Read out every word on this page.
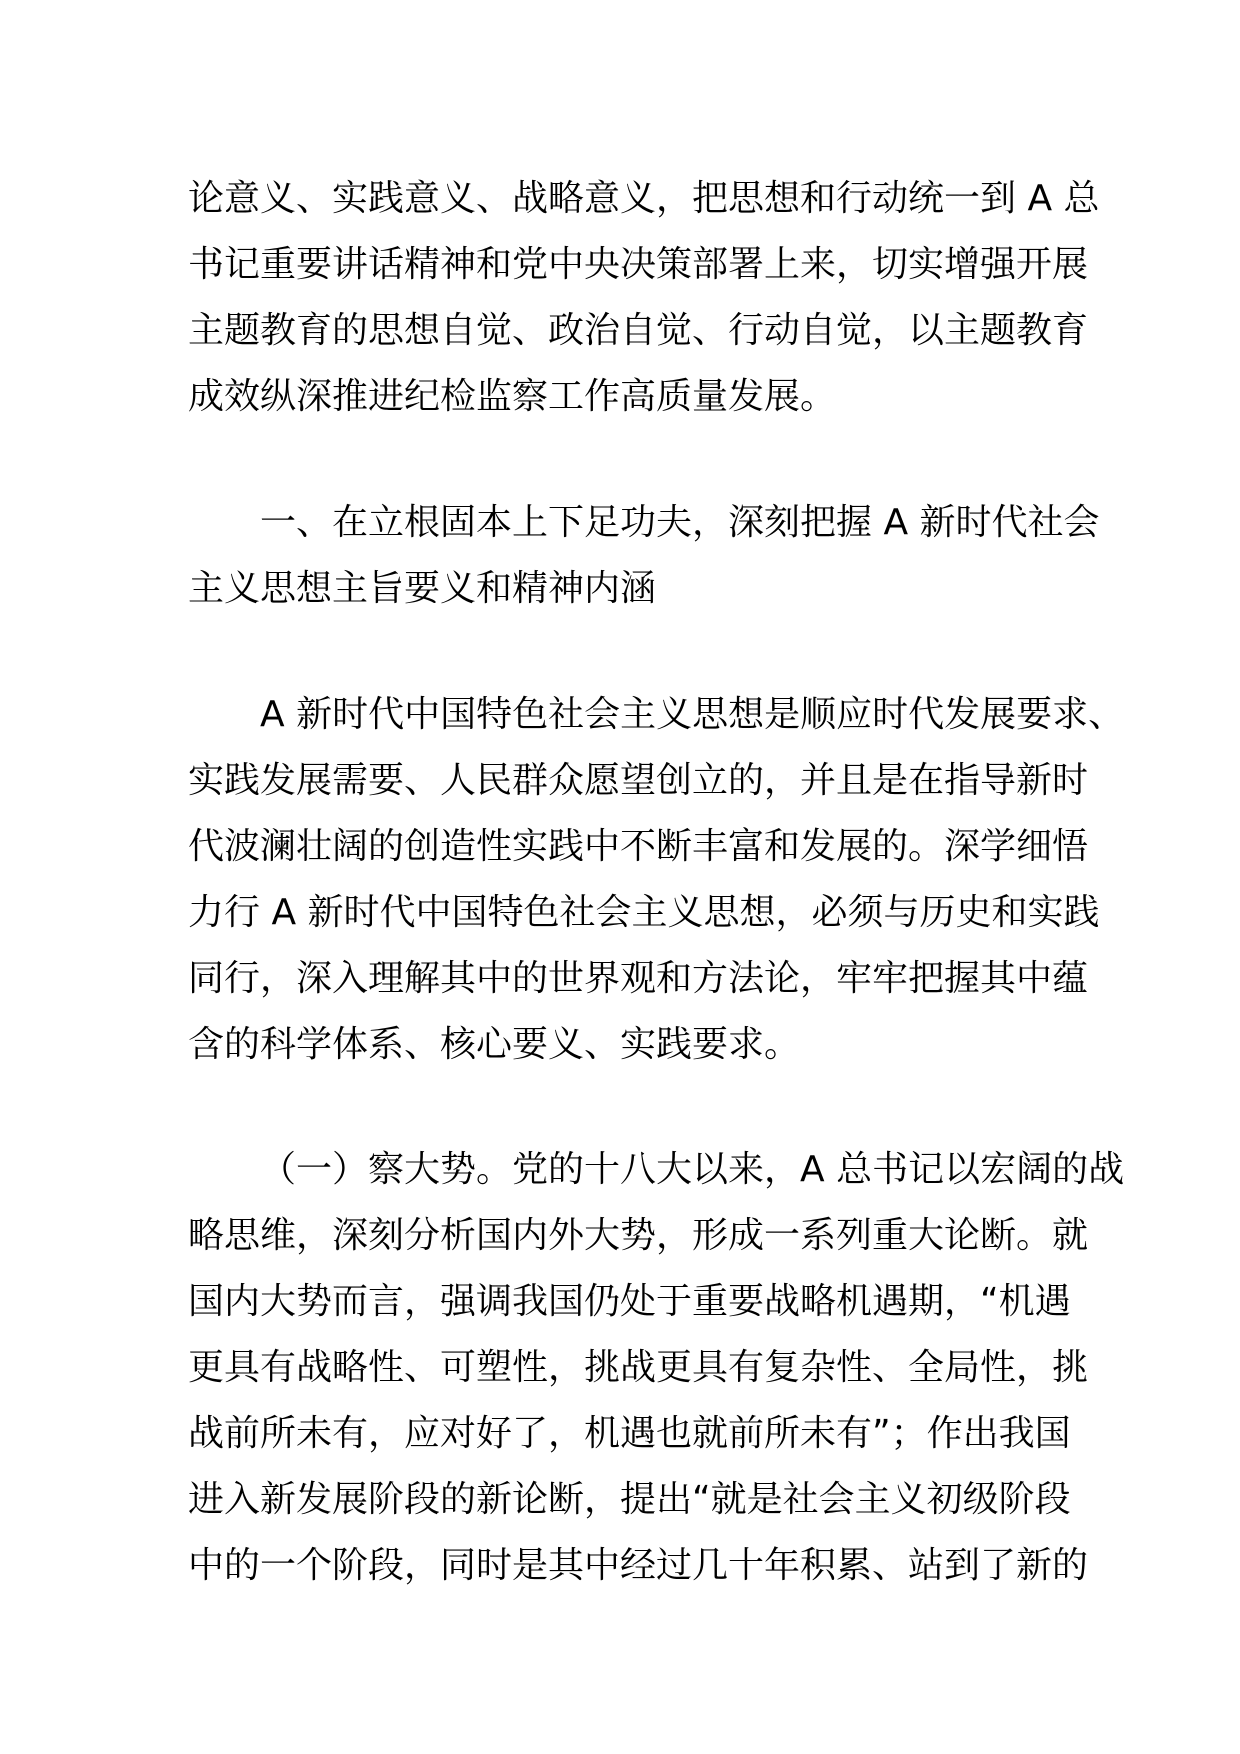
论意义、实践意义、战略意义，把思想和行动统一到 A 总
书记重要讲话精神和党中央决策部署上来，切实增强开展
主题教育的思想自觉、政治自觉、行动自觉，以主题教育
成效纵深推进纪检监察工作高质量发展。
一、在立根固本上下足功夫，深刻把握 A 新时代社会
主义思想主旨要义和精神内涵
A 新时代中国特色社会主义思想是顺应时代发展要求、
实践发展需要、人民群众愿望创立的，并且是在指导新时
代波澜壮阔的创造性实践中不断丰富和发展的。深学细悟
力行 A 新时代中国特色社会主义思想，必须与历史和实践
同行，深入理解其中的世界观和方法论，牢牢把握其中蕴
含的科学体系、核心要义、实践要求。
（一）察大势。党的十八大以来，A 总书记以宏阔的战
略思维，深刻分析国内外大势，形成一系列重大论断。就
国内大势而言，强调我国仍处于重要战略机遇期，“机遇
更具有战略性、可塑性，挑战更具有复杂性、全局性，挑
战前所未有，应对好了，机遇也就前所未有”；作出我国
进入新发展阶段的新论断，提出“就是社会主义初级阶段
中的一个阶段，同时是其中经过几十年积累、站到了新的
